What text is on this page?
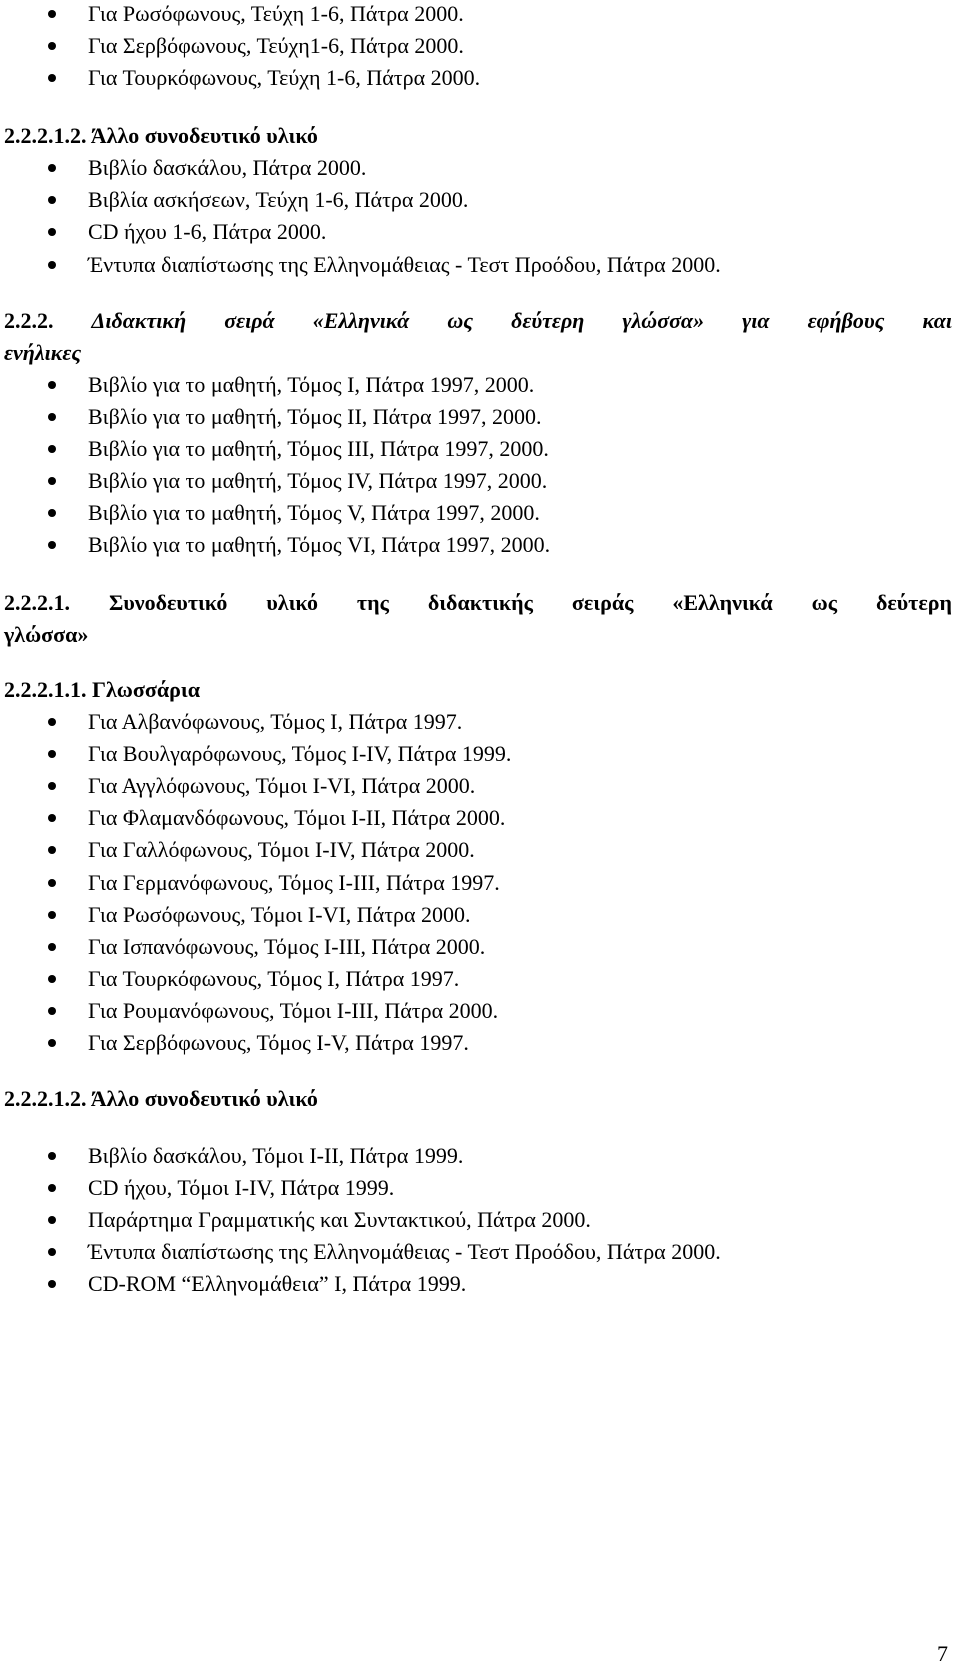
Για Ρωσόφωνους, Τεύχη 1-6, Πάτρα 2000.
Για Σερβόφωνους, Τεύχη1-6, Πάτρα 2000.
Για Τουρκόφωνους, Τεύχη 1-6, Πάτρα 2000.
2.2.2.1.2. Άλλο συνοδευτικό υλικό
Βιβλίο δασκάλου, Πάτρα 2000.
Βιβλία ασκήσεων, Τεύχη 1-6, Πάτρα 2000.
CD ήχου 1-6, Πάτρα 2000.
Έντυπα διαπίστωσης της Ελληνομάθειας - Τεστ Προόδου, Πάτρα 2000.
2.2.2. Διδακτική σειρά «Ελληνικά ως δεύτερη γλώσσα» για εφήβους και
ενήλικες
Βιβλίο για το μαθητή, Τόμος Ι, Πάτρα 1997, 2000.
Βιβλίο για το μαθητή, Τόμος ΙΙ, Πάτρα 1997, 2000.
Βιβλίο για το μαθητή, Τόμος ΙΙΙ, Πάτρα 1997, 2000.
Βιβλίο για το μαθητή, Τόμος IV, Πάτρα 1997, 2000.
Βιβλίο για το μαθητή, Τόμος V, Πάτρα 1997, 2000.
Βιβλίο για το μαθητή, Τόμος VI, Πάτρα 1997, 2000.
2.2.2.1. Συνοδευτικό υλικό της διδακτικής σειράς «Ελληνικά ως δεύτερη
γλώσσα»
2.2.2.1.1. Γλωσσάρια
Για Αλβανόφωνους, Τόμος Ι, Πάτρα 1997.
Για Βουλγαρόφωνους, Τόμος Ι-ΙV, Πάτρα 1999.
Για Αγγλόφωνους, Τόμοι Ι-VΙ, Πάτρα 2000.
Για Φλαμανδόφωνους, Τόμοι Ι-ΙΙ, Πάτρα 2000.
Για Γαλλόφωνους, Τόμοι Ι-ΙV, Πάτρα 2000.
Για Γερμανόφωνους, Τόμος Ι-ΙΙΙ, Πάτρα 1997.
Για Ρωσόφωνους, Τόμοι Ι-VΙ, Πάτρα 2000.
Για Ισπανόφωνους, Τόμος Ι-ΙΙΙ, Πάτρα 2000.
Για Τουρκόφωνους, Τόμος Ι, Πάτρα 1997.
Για Ρουμανόφωνους, Τόμοι Ι-ΙΙΙ, Πάτρα 2000.
Για Σερβόφωνους, Τόμος Ι-V, Πάτρα 1997.
2.2.2.1.2. Άλλο συνοδευτικό υλικό
Βιβλίο δασκάλου, Τόμοι Ι-ΙΙ, Πάτρα 1999.
CD ήχου, Τόμοι Ι-ΙV, Πάτρα 1999.
Παράρτημα Γραμματικής και Συντακτικού, Πάτρα 2000.
Έντυπα διαπίστωσης της Ελληνομάθειας - Τεστ Προόδου, Πάτρα 2000.
CD-ROM “Ελληνομάθεια” Ι, Πάτρα 1999.
7
